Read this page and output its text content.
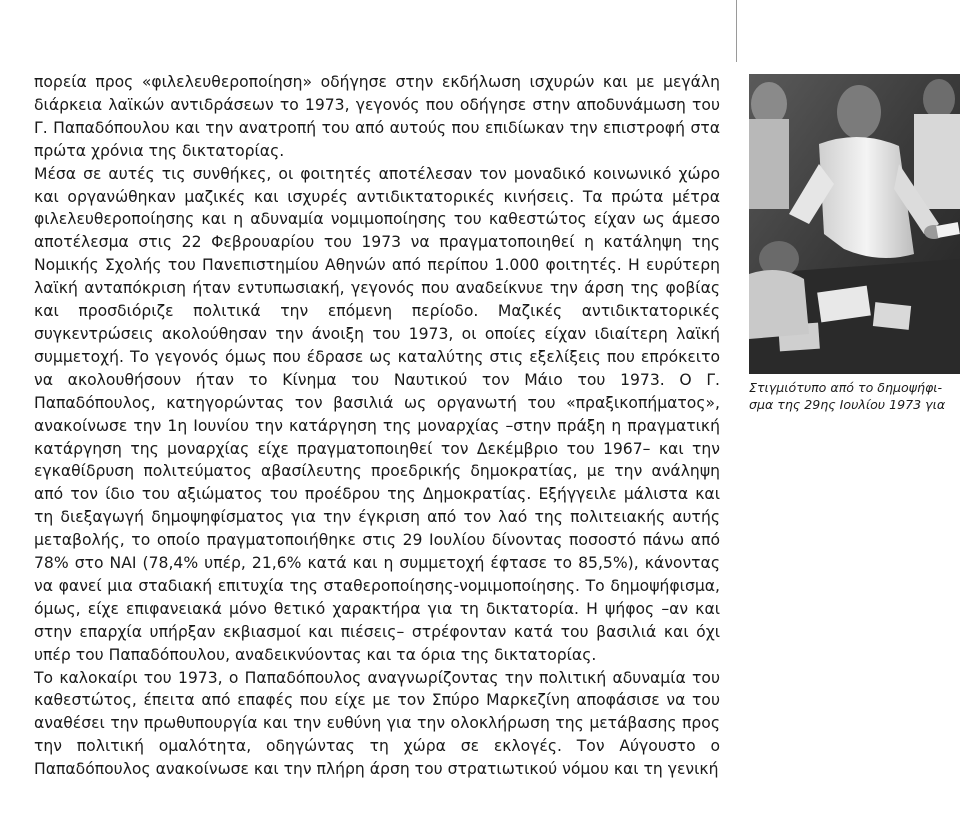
πορεία προς «φιλελευθεροποίηση» οδήγησε στην εκδήλωση ισχυρών και με μεγάλη διάρκεια λαϊκών αντιδράσεων το 1973, γεγονός που οδήγησε στην αποδυνάμωση του Γ. Παπαδόπουλου και την ανατροπή του από αυτούς που επιδίωκαν την επιστροφή στα πρώτα χρόνια της δικτατορίας.

Μέσα σε αυτές τις συνθήκες, οι φοιτητές αποτέλεσαν τον μοναδικό κοινωνικό χώρο και οργανώθηκαν μαζικές και ισχυρές αντιδικτατορικές κινήσεις. Τα πρώτα μέτρα φιλελευθεροποίησης και η αδυναμία νομιμοποίησης του καθεστώτος είχαν ως άμεσο αποτέλεσμα στις 22 Φεβρουαρίου του 1973 να πραγματοποιηθεί η κατάληψη της Νομικής Σχολής του Πανεπιστημίου Αθηνών από περίπου 1.000 φοιτητές. Η ευρύτερη λαϊκή ανταπόκριση ήταν εντυπωσιακή, γεγονός που αναδείκνυε την άρση της φοβίας και προσδιόριζε πολιτικά την επόμενη περίοδο. Μαζικές αντιδικτατορικές συγκεντρώσεις ακολούθησαν την άνοιξη του 1973, οι οποίες είχαν ιδιαίτερη λαϊκή συμμετοχή. Το γεγονός όμως που έδρασε ως καταλύτης στις εξελίξεις που επρόκειτο να ακολουθήσουν ήταν το Κίνημα του Ναυτικού τον Μάιο του 1973. Ο Γ. Παπαδόπουλος, κατηγορώντας τον βασιλιά ως οργανωτή του «πραξικοπήματος», ανακοίνωσε την 1η Ιουνίου την κατάργηση της μοναρχίας –στην πράξη η πραγματική κατάργηση της μοναρχίας είχε πραγματοποιηθεί τον Δεκέμβριο του 1967– και την εγκαθίδρυση πολιτεύματος αβασίλευτης προεδρικής δημοκρατίας, με την ανάληψη από τον ίδιο του αξιώματος του προέδρου της Δημοκρατίας. Εξήγγειλε μάλιστα και τη διεξαγωγή δημοψηφίσματος για την έγκριση από τον λαό της πολιτειακής αυτής μεταβολής, το οποίο πραγματοποιήθηκε στις 29 Ιουλίου δίνοντας ποσοστό πάνω από 78% στο ΝΑΙ (78,4% υπέρ, 21,6% κατά και η συμμετοχή έφτασε το 85,5%), κάνοντας να φανεί μια σταδιακή επιτυχία της σταθεροποίησης-νομιμοποίησης. Το δημοψήφισμα, όμως, είχε επιφανειακά μόνο θετικό χαρακτήρα για τη δικτατορία. Η ψήφος –αν και στην επαρχία υπήρξαν εκβιασμοί και πιέσεις– στρέφονταν κατά του βασιλιά και όχι υπέρ του Παπαδόπουλου, αναδεικνύοντας και τα όρια της δικτατορίας.

Το καλοκαίρι του 1973, ο Παπαδόπουλος αναγνωρίζοντας την πολιτική αδυναμία του καθεστώτος, έπειτα από επαφές που είχε με τον Σπύρο Μαρκεζίνη αποφάσισε να του αναθέσει την πρωθυπουργία και την ευθύνη για την ολοκλήρωση της μετάβασης προς την πολιτική ομαλότητα, οδηγώντας τη χώρα σε εκλογές. Τον Αύγουστο ο Παπαδόπουλος ανακοίνωσε και την πλήρη άρση του στρατιωτικού νόμου και τη γενική

Στιγμιότυπο από το δημοψήφι-
σμα της 29ης Ιουλίου 1973 για
